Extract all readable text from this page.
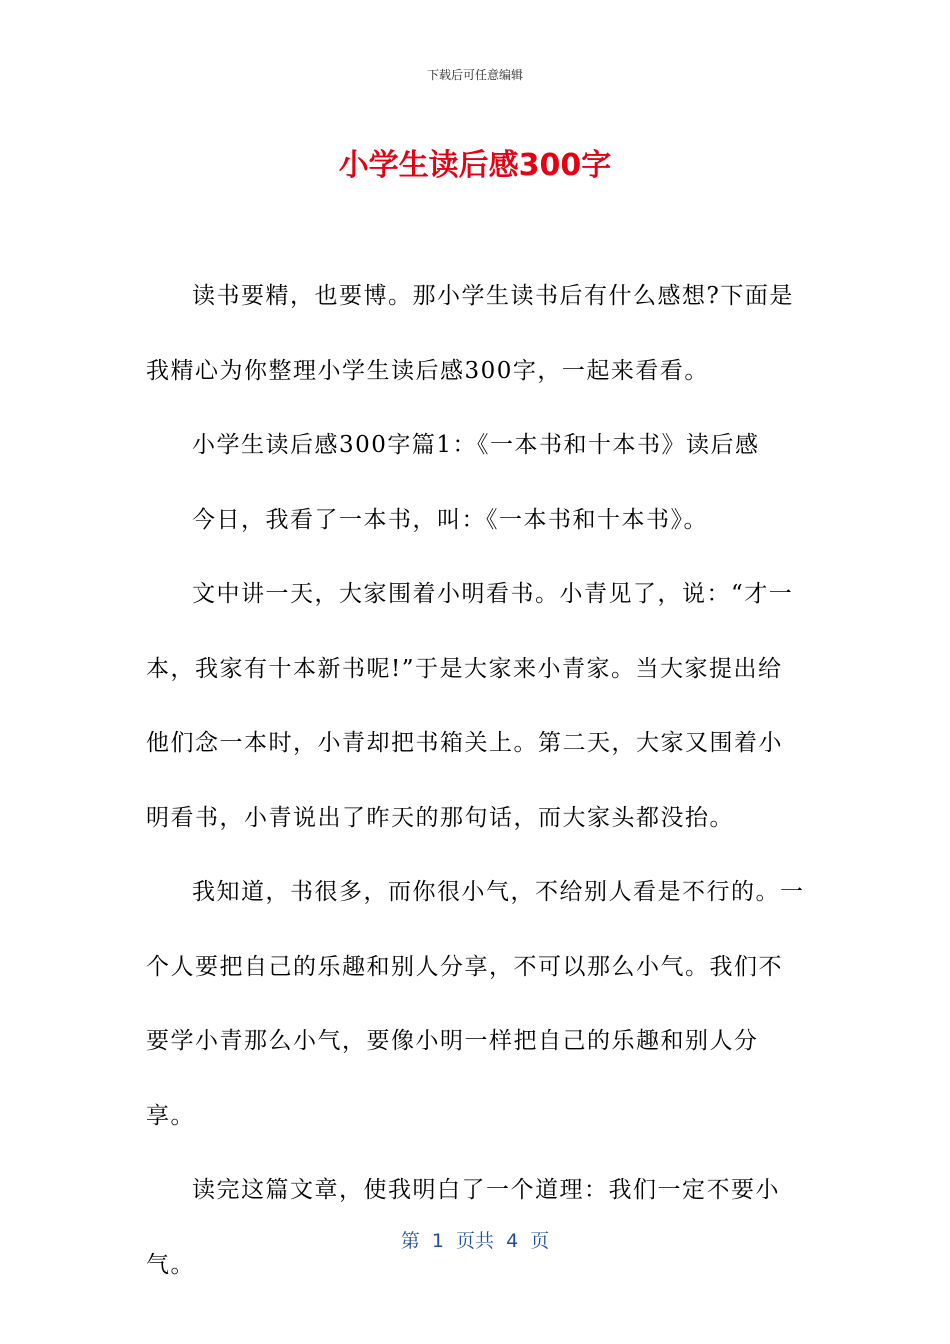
下载后可任意编辑
小学生读后感300字

读书要精，也要博。那小学生读书后有什么感想?下面是我精心为你整理小学生读后感300字，一起来看看。

小学生读后感300字篇1：《一本书和十本书》读后感

今日，我看了一本书，叫：《一本书和十本书》。

文中讲一天，大家围着小明看书。小青见了，说：“才一本，我家有十本新书呢!”于是大家来小青家。当大家提出给他们念一本时，小青却把书箱关上。第二天，大家又围着小明看书，小青说出了昨天的那句话，而大家头都没抬。

我知道，书很多，而你很小气，不给别人看是不行的。一个人要把自己的乐趣和别人分享，不可以那么小气。我们不要学小青那么小气，要像小明一样把自己的乐趣和别人分享。

读完这篇文章，使我明白了一个道理：我们一定不要小气。

第  1  页共  4  页
